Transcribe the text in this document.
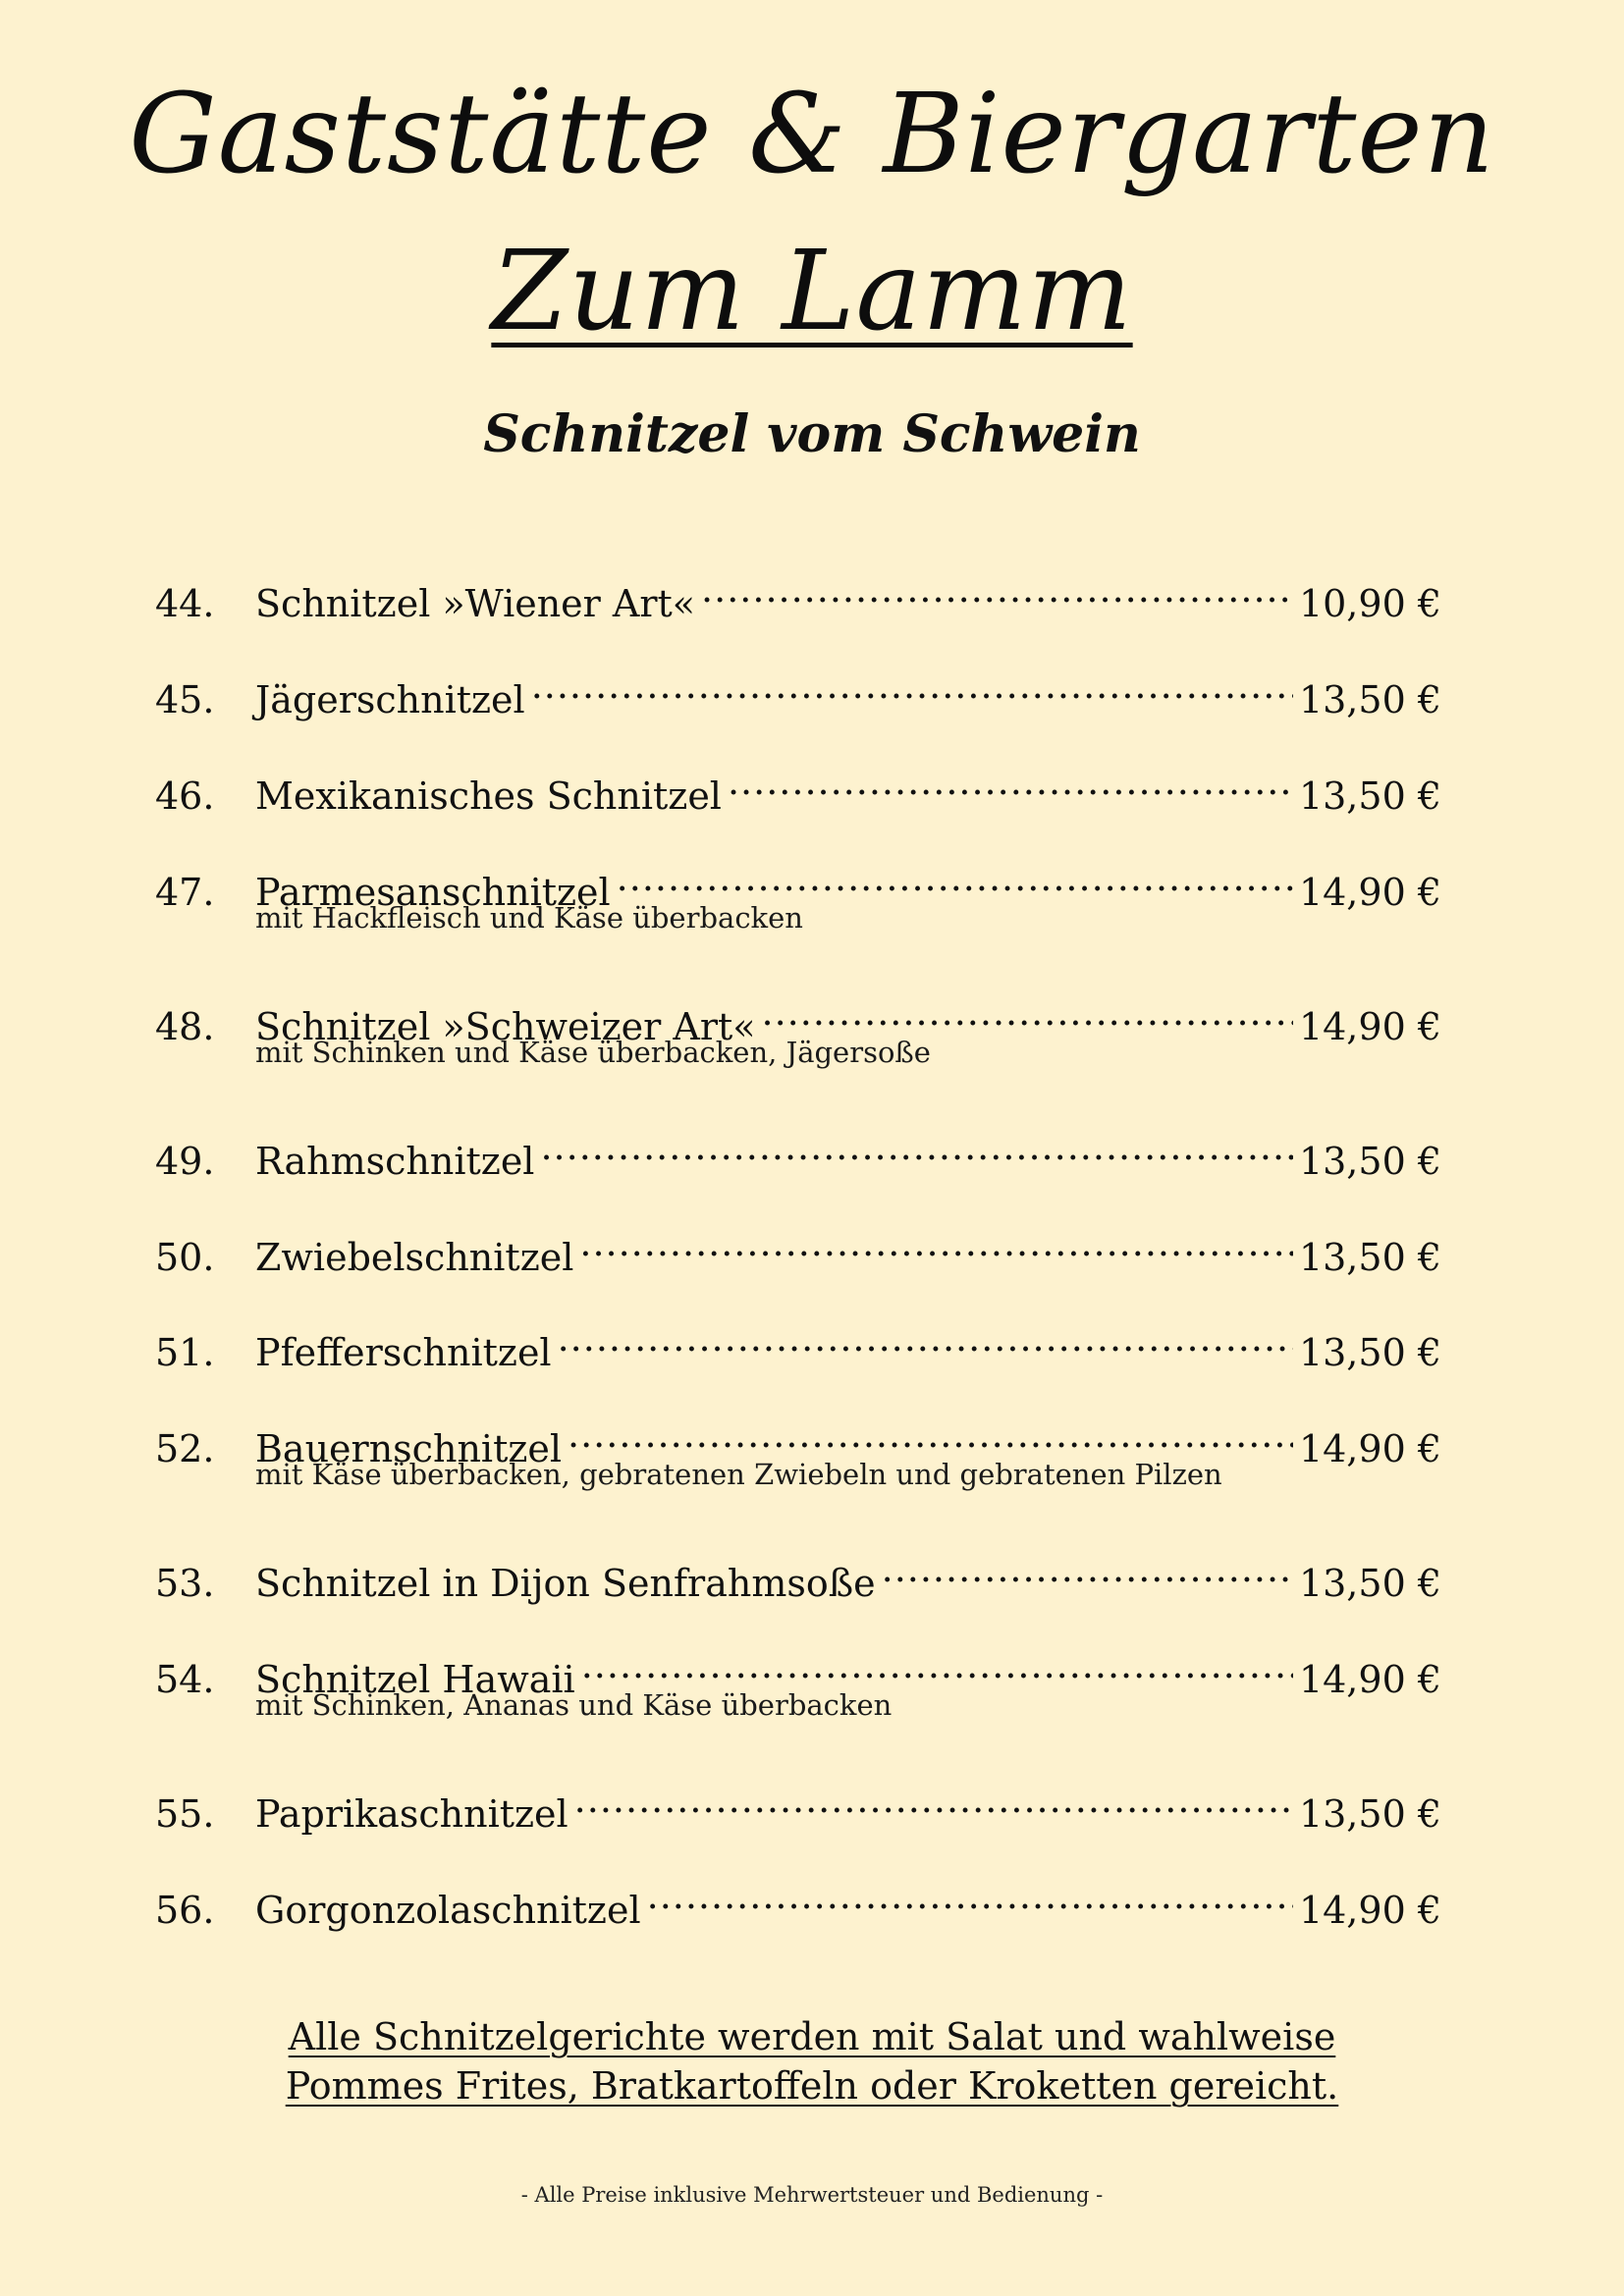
Gaststätte & Biergarten
Zum Lamm
Schnitzel vom Schwein
44.	Schnitzel »Wiener Art« .....	10,90 €
45.	Jägerschnitzel .....	13,50 €
46.	Mexikanisches Schnitzel .....	13,50 €
47.	Parmesanschnitzel .....	14,90 €
mit Hackfleisch und Käse überbacken
48.	Schnitzel »Schweizer Art« .....	14,90 €
mit Schinken und Käse überbacken, Jägersoße
49.	Rahmschnitzel .....	13,50 €
50.	Zwiebelschnitzel .....	13,50 €
51.	Pfefferschnitzel .....	13,50 €
52.	Bauernschnitzel .....	14,90 €
mit Käse überbacken, gebratenen Zwiebeln und gebratenen Pilzen
53.	Schnitzel in Dijon Senfrahmsoße .....	13,50 €
54.	Schnitzel Hawaii .....	14,90 €
mit Schinken, Ananas und Käse überbacken
55.	Paprikaschnitzel .....	13,50 €
56.	Gorgonzolaschnitzel .....	14,90 €
Alle Schnitzelgerichte werden mit Salat und wahlweise
Pommes Frites, Bratkartoffeln oder Kroketten gereicht.
- Alle Preise inklusive Mehrwertsteuer und Bedienung -
